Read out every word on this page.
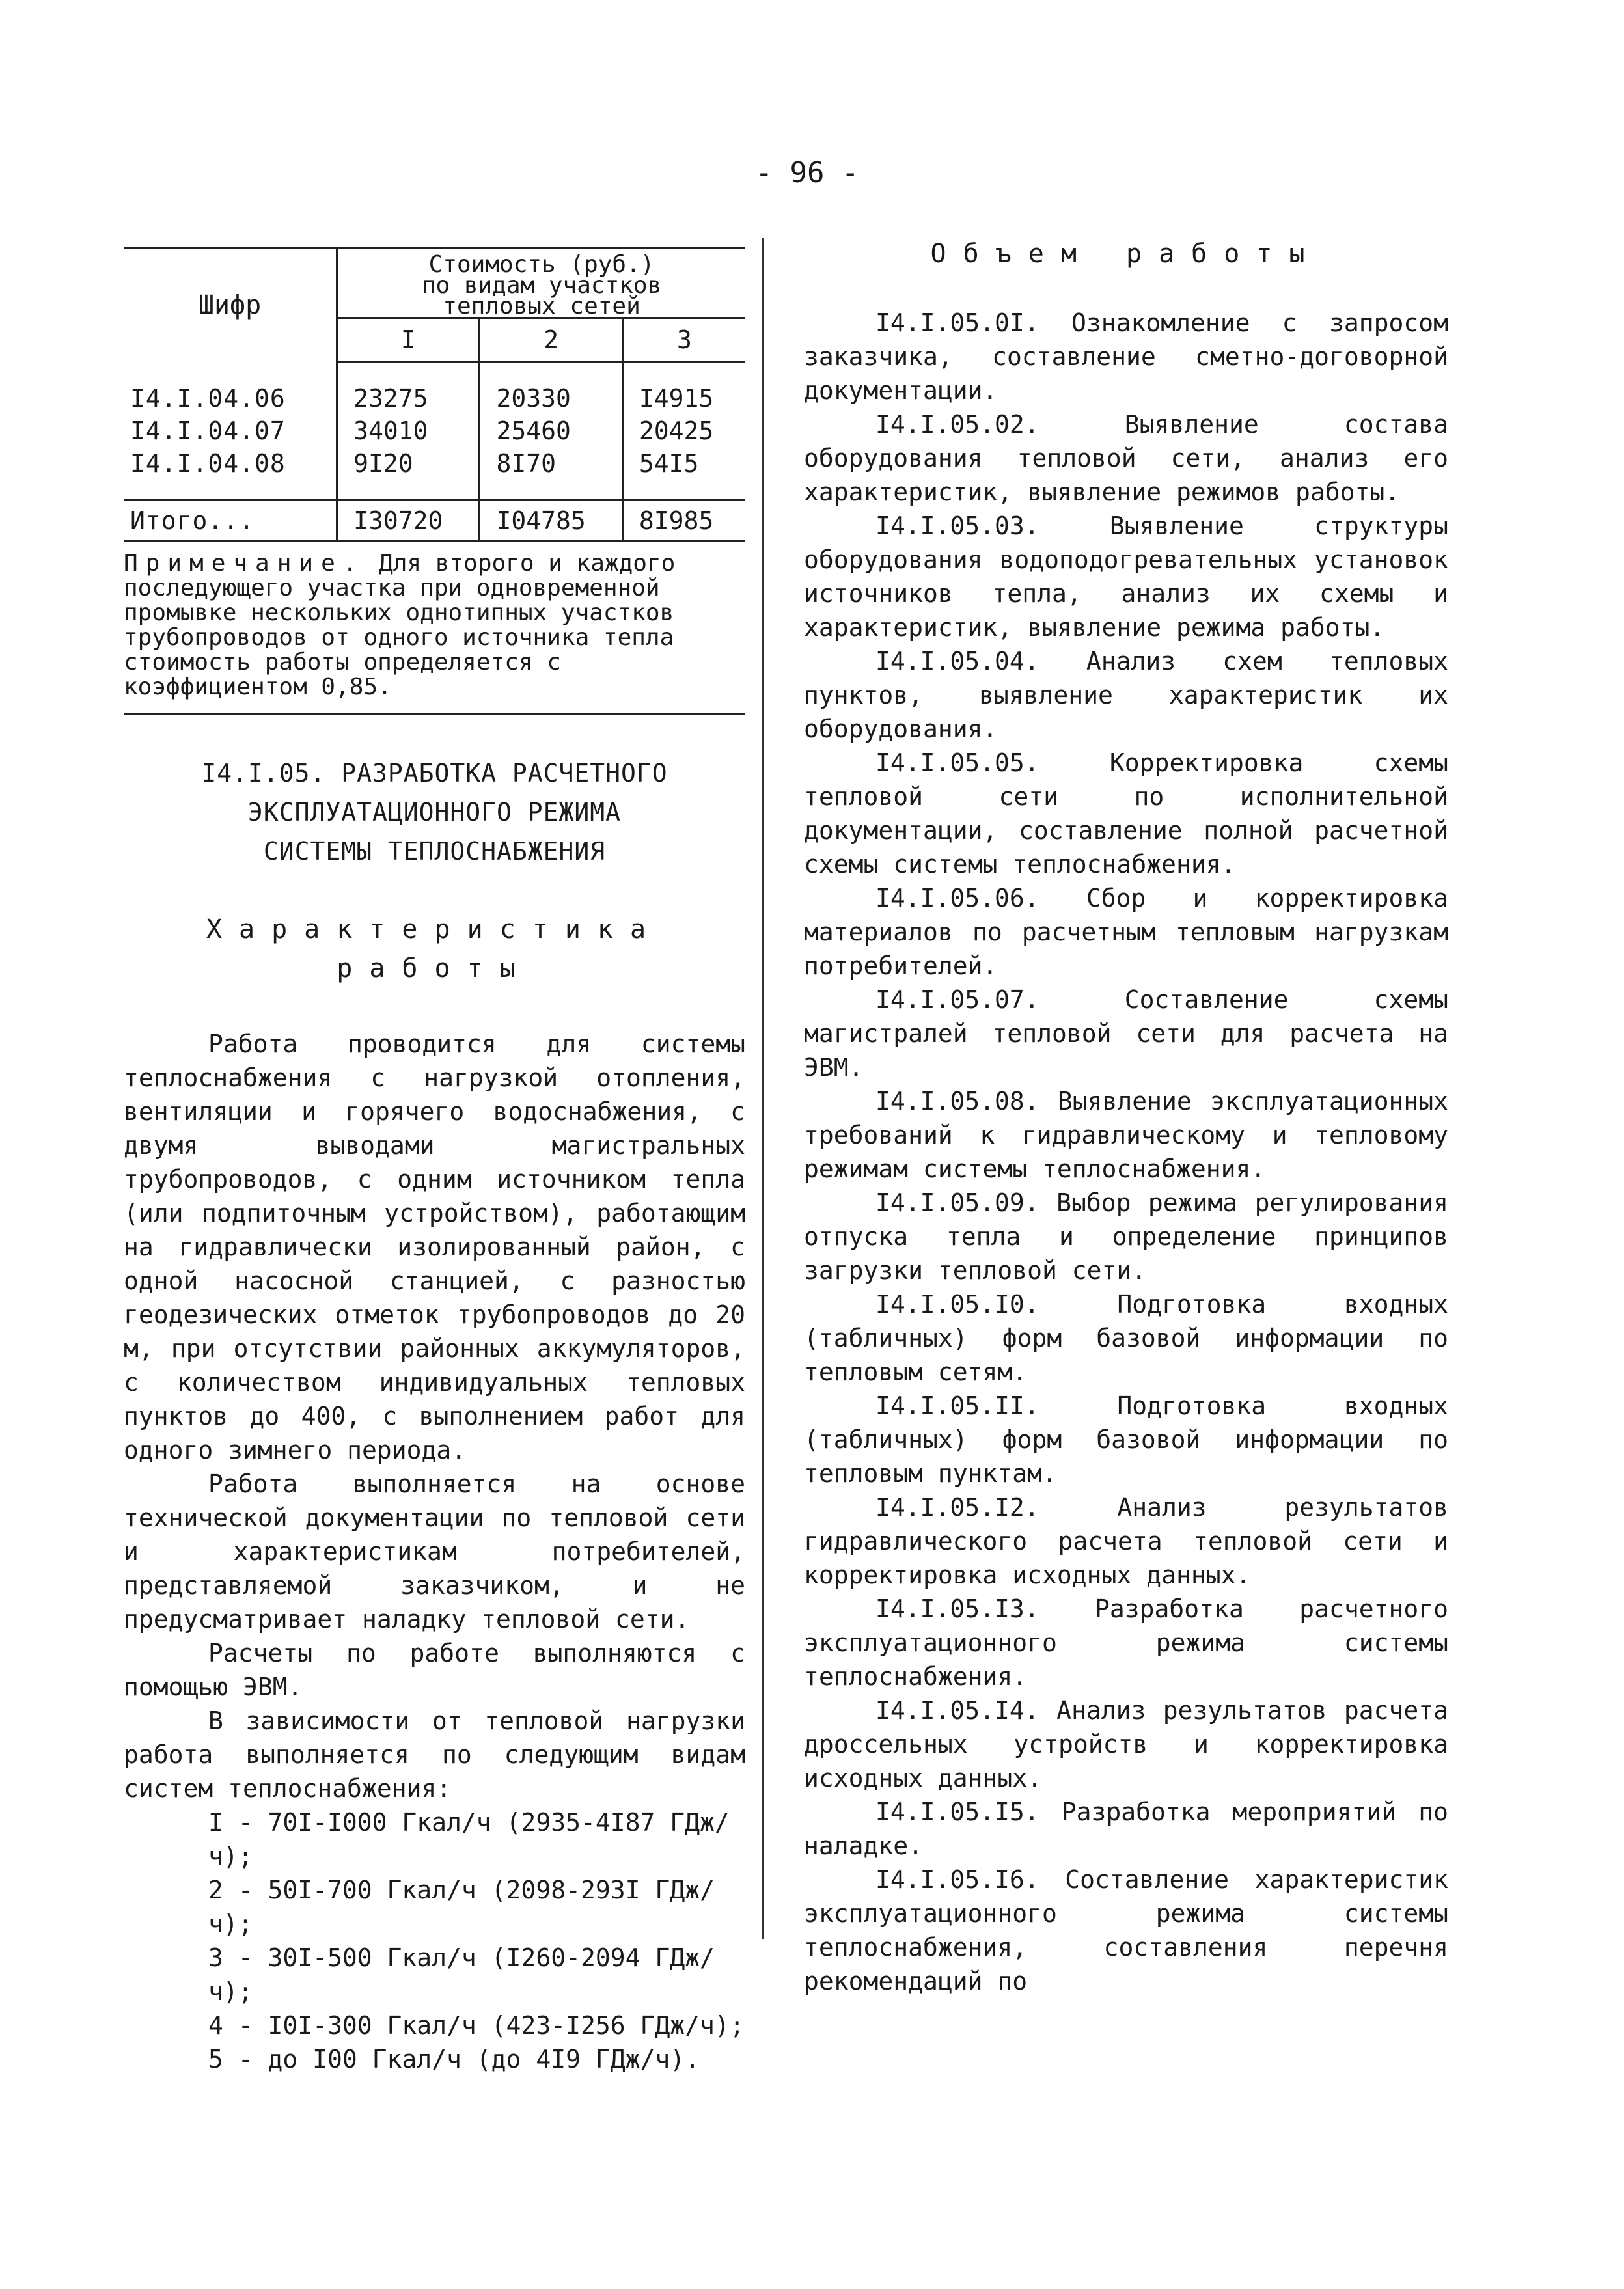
- 96 -
Шифр	Стоимость (руб.)
по видам участков
тепловых сетей		

	I	2	3

I4.I.04.06	23275	20330	I4915
I4.I.04.07	34010	25460	20425
I4.I.04.08	9I20	8I70	54I5

Итого...	I30720	I04785	8I985
Примечание. Для второго и каждого последующего участка при одновременной промывке нескольких однотипных участков трубопроводов от одного источника тепла стоимость работы определяется с коэффициентом 0,85.
I4.I.05. РАЗРАБОТКА РАСЧЕТНОГО
ЭКСПЛУАТАЦИОННОГО РЕЖИМА
СИСТЕМЫ ТЕПЛОСНАБЖЕНИЯ
Характеристика
работы

Работа проводится для системы теплоснабжения с нагрузкой отопления, вентиляции и горячего водоснабжения, с двумя выводами магистральных трубопроводов, с одним источником тепла (или подпиточным устройством), работающим на гидравлически изолированный район, с одной насосной станцией, с разностью геодезических отметок трубопроводов до 20 м, при отсутствии районных аккумуляторов, с количеством индивидуальных тепловых пунктов до 400, с выполнением работ для одного зимнего периода.

Работа выполняется на основе технической документации по тепловой сети и характеристикам потребителей, представляемой заказчиком, и не предусматривает наладку тепловой сети.

Расчеты по работе выполняются с помощью ЭВМ.

В зависимости от тепловой нагрузки работа выполняется по следующим видам систем теплоснабжения:

I - 70I-I000 Гкал/ч (2935-4I87 ГДж/ч);
2 - 50I-700 Гкал/ч (2098-293I ГДж/ч);
3 - 30I-500 Гкал/ч (I260-2094 ГДж/ч);
4 - I0I-300 Гкал/ч (423-I256 ГДж/ч);
5 - до I00 Гкал/ч (до 4I9 ГДж/ч).
Объем работы

I4.I.05.0I. Ознакомление с запросом заказчика, составление сметно-договорной документации.

I4.I.05.02. Выявление состава оборудования тепловой сети, анализ его характеристик, выявление режимов работы.

I4.I.05.03. Выявление структуры оборудования водоподогревательных установок источников тепла, анализ их схемы и характеристик, выявление режима работы.

I4.I.05.04. Анализ схем тепловых пунктов, выявление характеристик их оборудования.

I4.I.05.05. Корректировка схемы тепловой сети по исполнительной документации, составление полной расчетной схемы системы теплоснабжения.

I4.I.05.06. Сбор и корректировка материалов по расчетным тепловым нагрузкам потребителей.

I4.I.05.07. Составление схемы магистралей тепловой сети для расчета на ЭВМ.

I4.I.05.08. Выявление эксплуатационных требований к гидравлическому и тепловому режимам системы теплоснабжения.

I4.I.05.09. Выбор режима регулирования отпуска тепла и определение принципов загрузки тепловой сети.

I4.I.05.I0. Подготовка входных (табличных) форм базовой информации по тепловым сетям.

I4.I.05.II. Подготовка входных (табличных) форм базовой информации по тепловым пунктам.

I4.I.05.I2. Анализ результатов гидравлического расчета тепловой сети и корректировка исходных данных.

I4.I.05.I3. Разработка расчетного эксплуатационного режима системы теплоснабжения.

I4.I.05.I4. Анализ результатов расчета дроссельных устройств и корректировка исходных данных.

I4.I.05.I5. Разработка мероприятий по наладке.

I4.I.05.I6. Составление характеристик эксплуатационного режима системы теплоснабжения, составления перечня рекомендаций по
